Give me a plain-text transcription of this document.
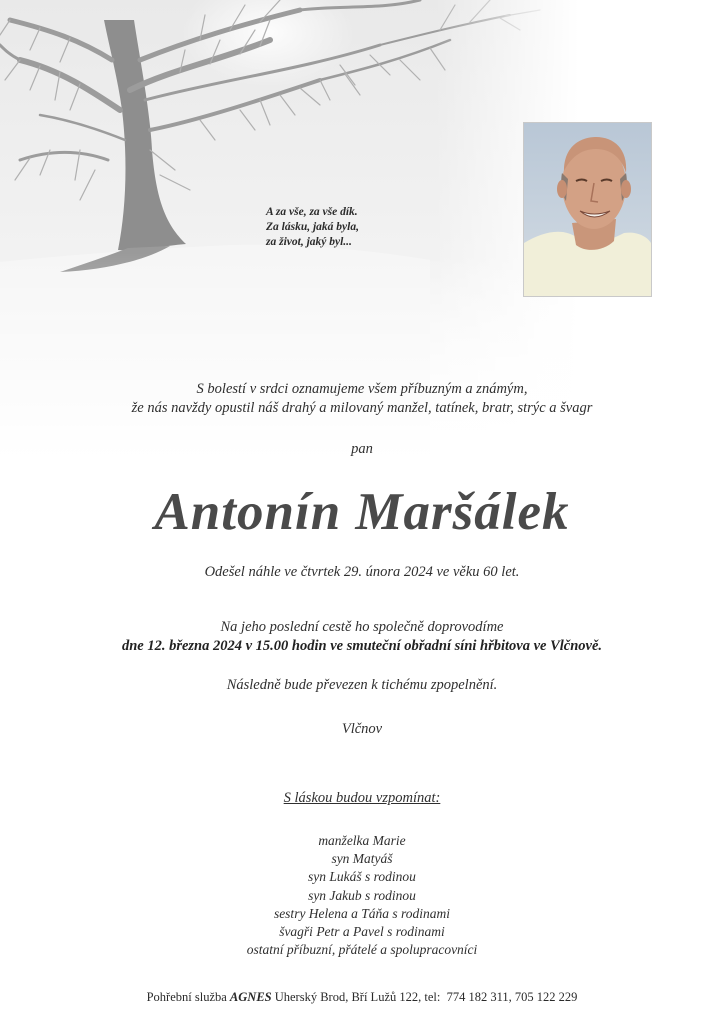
A za vše, za vše dík.
Za lásku, jaká byla,
za život, jaký byl...
S bolestí v srdci oznamujeme všem příbuzným a známým,
že nás navždy opustil náš drahý a milovaný manžel, tatínek, bratr, strýc a švagr
pan
Antonín Maršálek
Odešel náhle ve čtvrtek 29. února 2024 ve věku 60 let.
Na jeho poslední cestě ho společně doprovodíme
dne 12. března 2024 v 15.00 hodin ve smuteční obřadní síni hřbitova ve Vlčnově.
Následně bude převezen k tichému zpopelnění.
Vlčnov
S láskou budou vzpomínat:
manželka Marie
syn Matyáš
syn Lukáš s rodinou
syn Jakub s rodinou
sestry Helena a Táňa s rodinami
švagři Petr a Pavel s rodinami
ostatní příbuzní, přátelé a spolupracovníci
Pohřební služba AGNES Uherský Brod, Bří Lužů 122, tel: 774 182 311, 705 122 229
